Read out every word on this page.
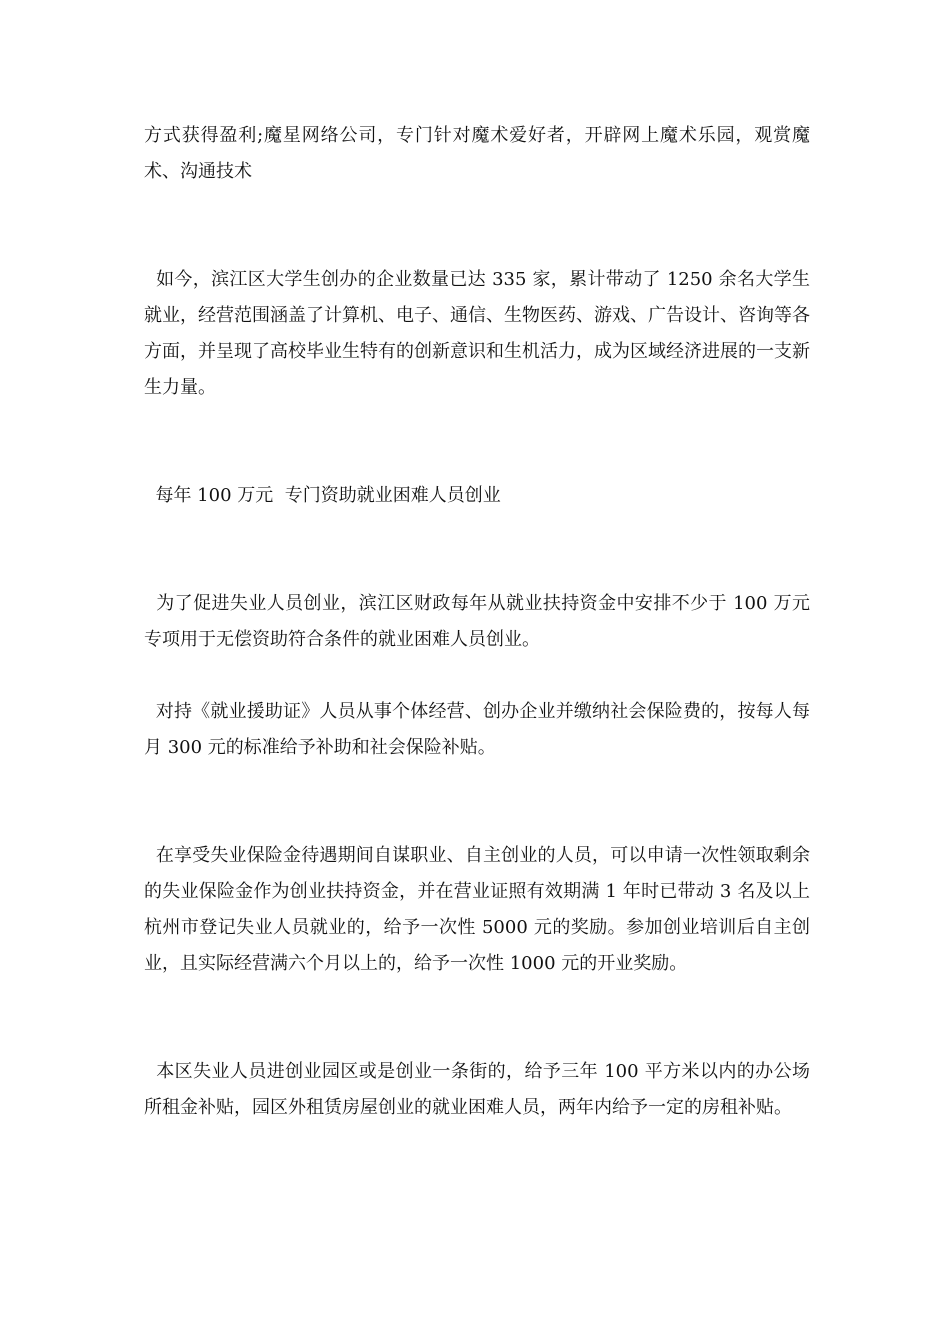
方式获得盈利;魔星网络公司，专门针对魔术爱好者，开辟网上魔术乐园，观赏魔术、沟通技术

如今，滨江区大学生创办的企业数量已达 335 家，累计带动了 1250 余名大学生就业，经营范围涵盖了计算机、电子、通信、生物医药、游戏、广告设计、咨询等各方面，并呈现了高校毕业生特有的创新意识和生机活力，成为区域经济进展的一支新生力量。

每年 100 万元  专门资助就业困难人员创业

为了促进失业人员创业，滨江区财政每年从就业扶持资金中安排不少于 100 万元专项用于无偿资助符合条件的就业困难人员创业。

对持《就业援助证》人员从事个体经营、创办企业并缴纳社会保险费的，按每人每月 300 元的标准给予补助和社会保险补贴。

在享受失业保险金待遇期间自谋职业、自主创业的人员，可以申请一次性领取剩余的失业保险金作为创业扶持资金，并在营业证照有效期满 1 年时已带动 3 名及以上杭州市登记失业人员就业的，给予一次性 5000 元的奖励。参加创业培训后自主创业，且实际经营满六个月以上的，给予一次性 1000 元的开业奖励。

本区失业人员进创业园区或是创业一条街的，给予三年 100 平方米以内的办公场所租金补贴，园区外租赁房屋创业的就业困难人员，两年内给予一定的房租补贴。
